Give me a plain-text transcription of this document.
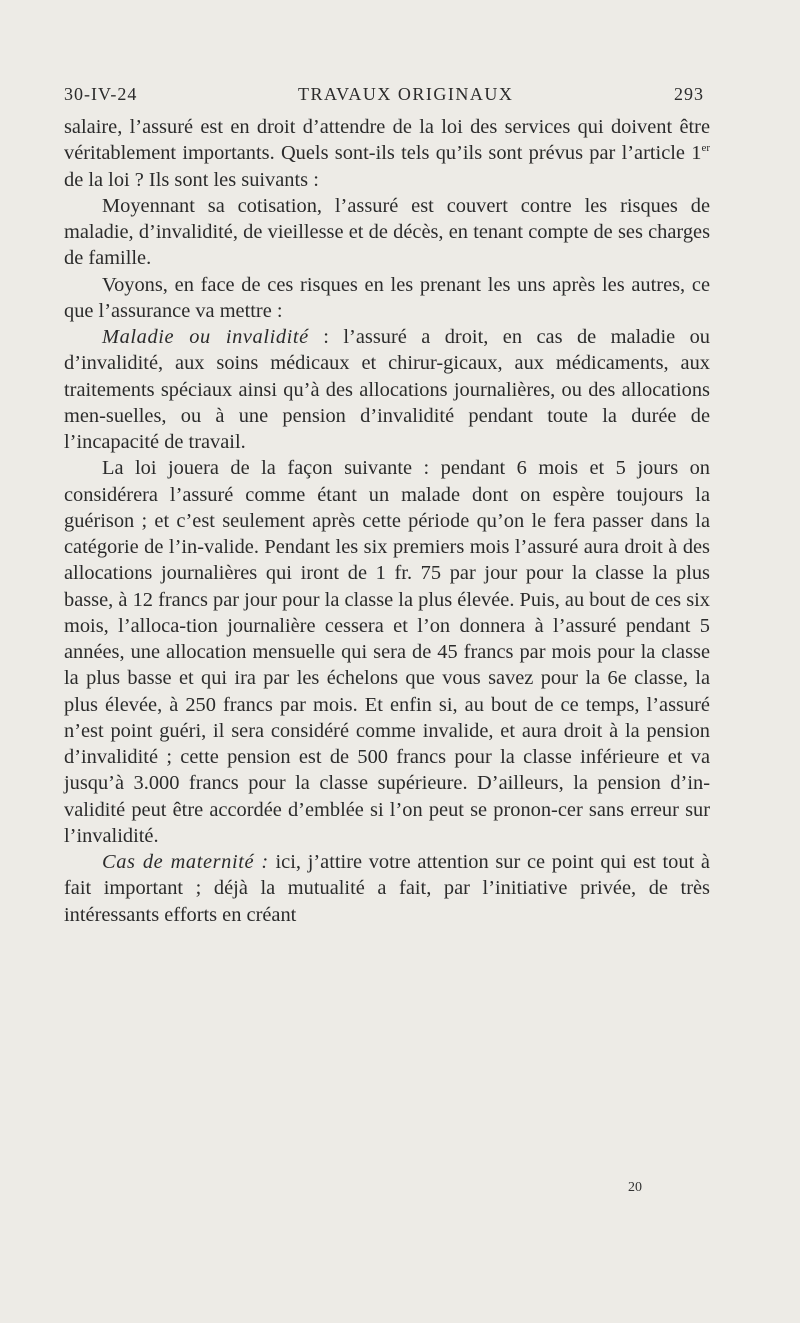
30-IV-24	TRAVAUX ORIGINAUX	293

salaire, l’assuré est en droit d’attendre de la loi des services qui doivent être véritablement importants. Quels sont-ils tels qu’ils sont prévus par l’article 1er de la loi ? Ils sont les suivants :

Moyennant sa cotisation, l’assuré est couvert contre les risques de maladie, d’invalidité, de vieillesse et de décès, en tenant compte de ses charges de famille.

Voyons, en face de ces risques en les prenant les uns après les autres, ce que l’assurance va mettre :

Maladie ou invalidité : l’assuré a droit, en cas de maladie ou d’invalidité, aux soins médicaux et chirur-gicaux, aux médicaments, aux traitements spéciaux ainsi qu’à des allocations journalières, ou des allocations men-suelles, ou à une pension d’invalidité pendant toute la durée de l’incapacité de travail.

La loi jouera de la façon suivante : pendant 6 mois et 5 jours on considérera l’assuré comme étant un malade dont on espère toujours la guérison ; et c’est seulement après cette période qu’on le fera passer dans la catégorie de l’in-valide. Pendant les six premiers mois l’assuré aura droit à des allocations journalières qui iront de 1 fr. 75 par jour pour la classe la plus basse, à 12 francs par jour pour la classe la plus élevée. Puis, au bout de ces six mois, l’alloca-tion journalière cessera et l’on donnera à l’assuré pendant 5 années, une allocation mensuelle qui sera de 45 francs par mois pour la classe la plus basse et qui ira par les échelons que vous savez pour la 6e classe, la plus élevée, à 250 francs par mois. Et enfin si, au bout de ce temps, l’assuré n’est point guéri, il sera considéré comme invalide, et aura droit à la pension d’invalidité ; cette pension est de 500 francs pour la classe inférieure et va jusqu’à 3.000 francs pour la classe supérieure. D’ailleurs, la pension d’in-validité peut être accordée d’emblée si l’on peut se pronon-cer sans erreur sur l’invalidité.

Cas de maternité : ici, j’attire votre attention sur ce point qui est tout à fait important ; déjà la mutualité a fait, par l’initiative privée, de très intéressants efforts en créant

20
